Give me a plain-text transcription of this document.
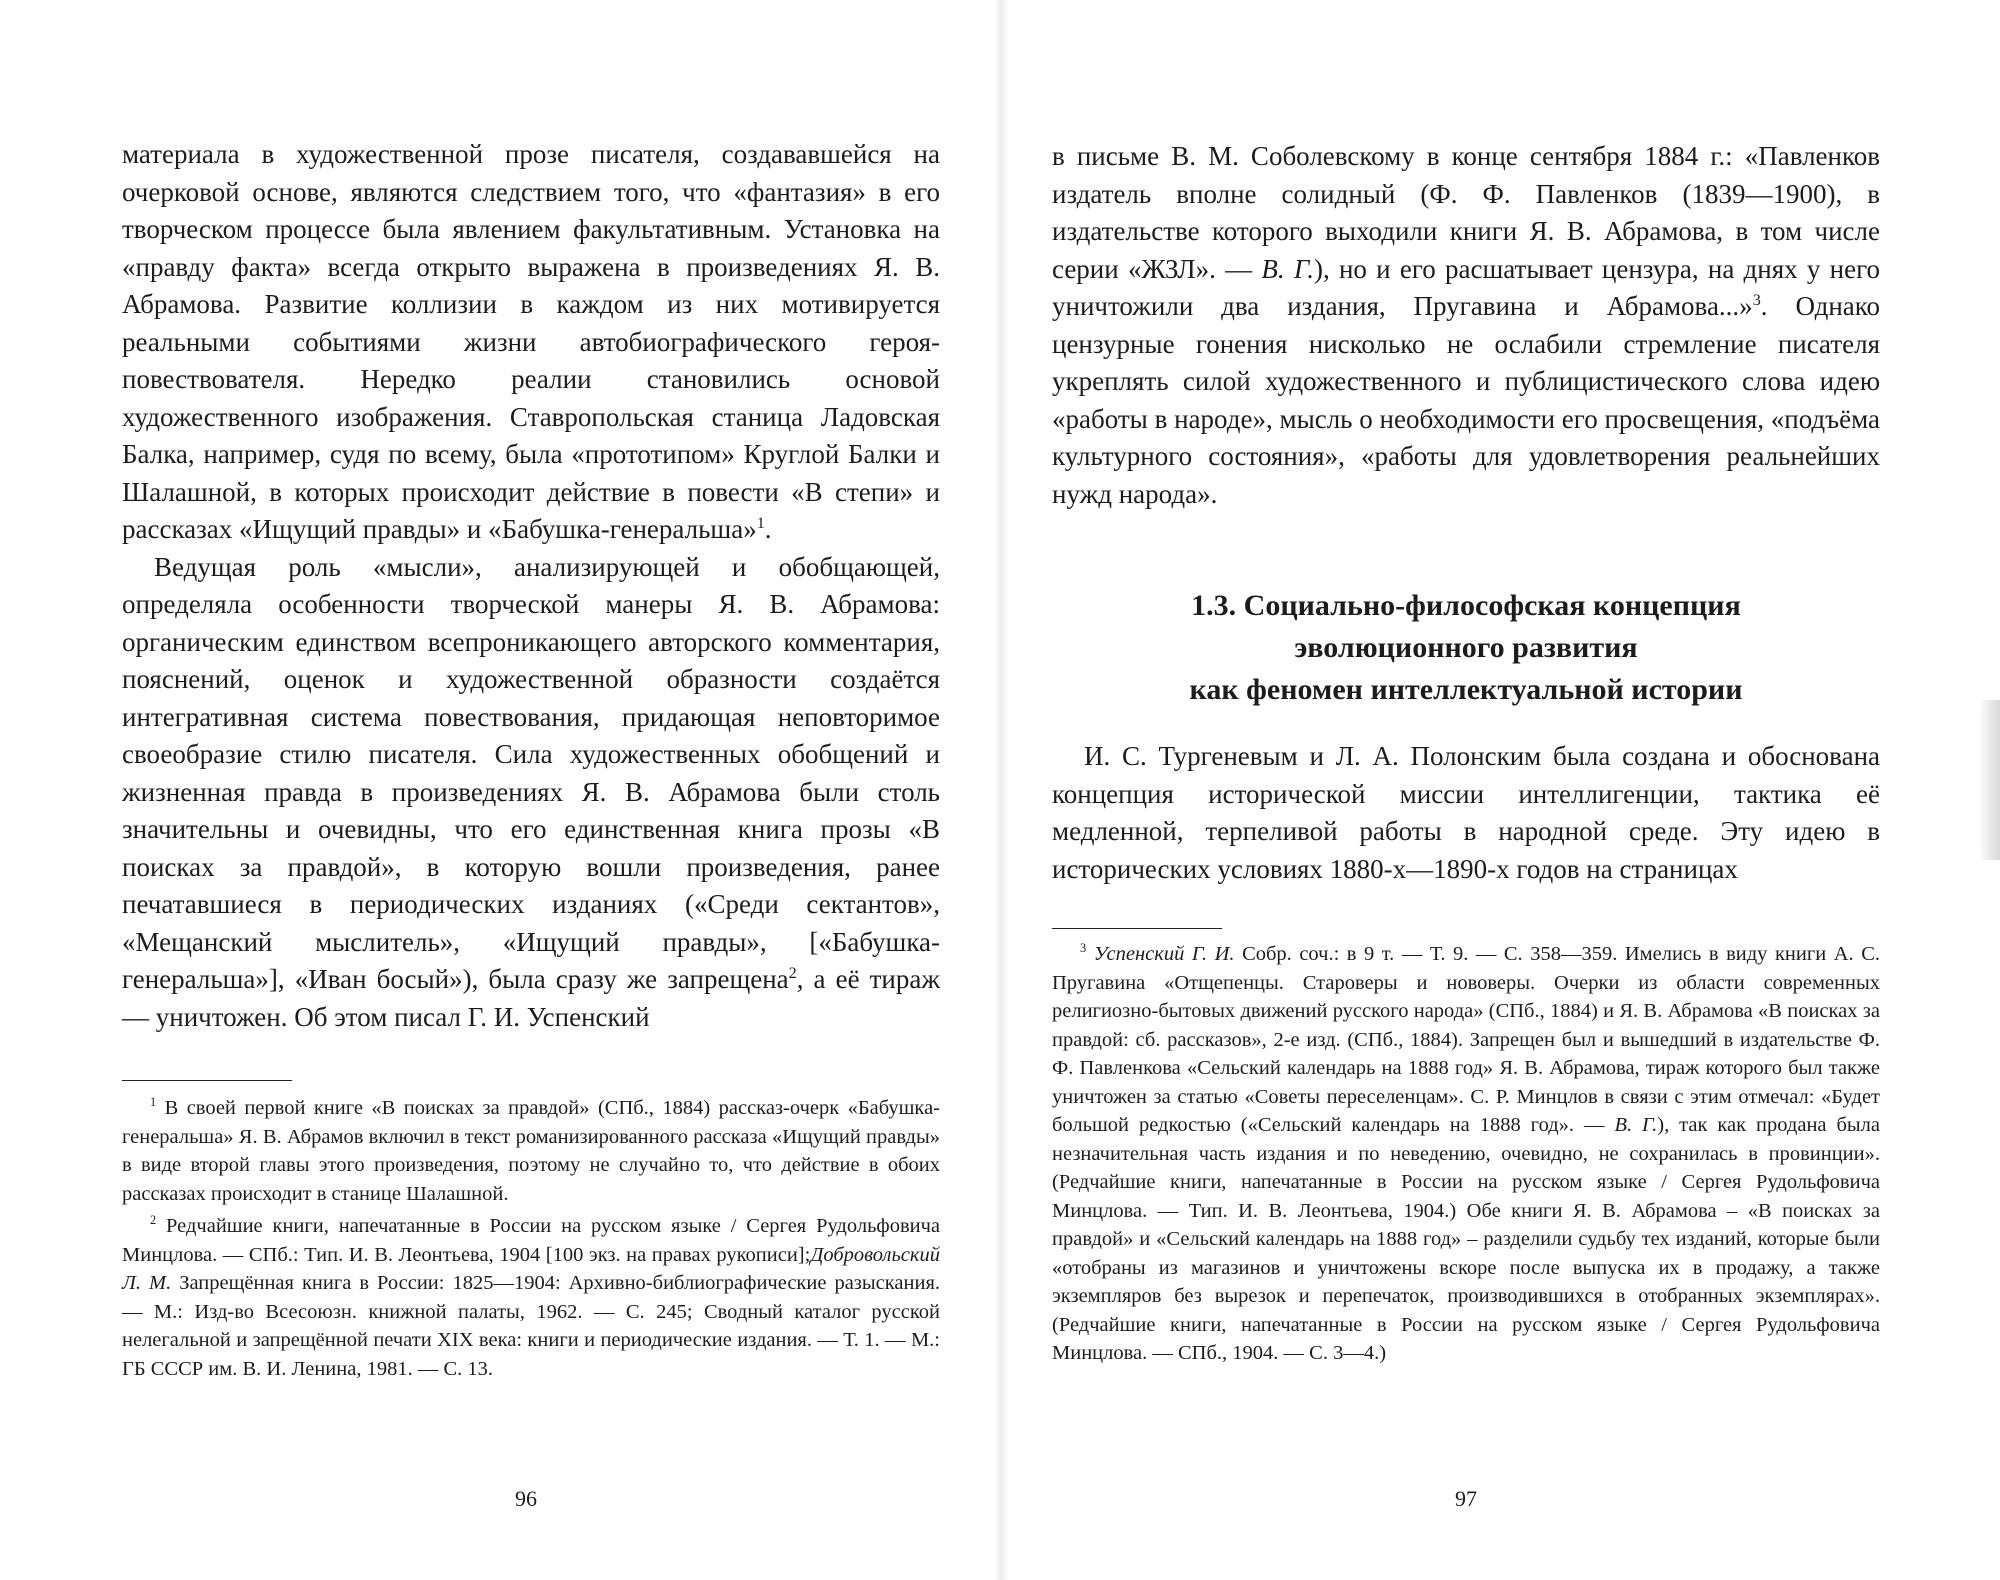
материала в художественной прозе писателя, создававшейся на очерковой основе, являются следствием того, что «фантазия» в его творческом процессе была явлением факультативным. Установка на «правду факта» всегда открыто выражена в произведениях Я. В. Абрамова. Развитие коллизии в каждом из них мотивируется реальными событиями жизни автобиографического героя-повествователя. Нередко реалии становились основой художественного изображения. Ставропольская станица Ладовская Балка, например, судя по всему, была «прототипом» Круглой Балки и Шалашной, в которых происходит действие в повести «В степи» и рассказах «Ищущий правды» и «Бабушка-генеральша»$^1$.

Ведущая роль «мысли», анализирующей и обобщающей, определяла особенности творческой манеры Я. В. Абрамова: органическим единством всепроникающего авторского комментария, пояснений, оценок и художественной образности создаётся интегративная система повествования, придающая неповторимое своеобразие стилю писателя. Сила художественных обобщений и жизненная правда в произведениях Я. В. Абрамова были столь значительны и очевидны, что его единственная книга прозы «В поисках за правдой», в которую вошли произведения, ранее печатавшиеся в периодических изданиях («Среди сектантов», «Мещанский мыслитель», «Ищущий правды», [«Бабушка-генеральша»], «Иван босый»), была сразу же запрещена$^2$, а её тираж — уничтожен. Об этом писал Г. И. Успенский

$^1$ В своей первой книге «В поисках за правдой» (СПб., 1884) рассказ-очерк «Бабушка-генеральша» Я. В. Абрамов включил в текст романизированного рассказа «Ищущий правды» в виде второй главы этого произведения, поэтому не случайно то, что действие в обоих рассказах происходит в станице Шалашной.

$^2$ Редчайшие книги, напечатанные в России на русском языке / Сергея Рудольфовича Минцлова. — СПб.: Тип. И. В. Леонтьева, 1904 [100 экз. на правах рукописи];Добровольский Л. М. Запрещённая книга в России: 1825—1904: Архивно-библиографические разыскания. — М.: Изд-во Всесоюзн. книжной палаты, 1962. — С. 245; Сводный каталог русской нелегальной и запрещённой печати XIX века: книги и периодические издания. — Т. 1. — М.: ГБ СССР им. В. И. Ленина, 1981. — С. 13.

96

в письме В. М. Соболевскому в конце сентября 1884 г.: «Павленков издатель вполне солидный (Ф. Ф. Павленков (1839—1900), в издательстве которого выходили книги Я. В. Абрамова, в том числе серии «ЖЗЛ». — В. Г.), но и его расшатывает цензура, на днях у него уничтожили два издания, Пругавина и Абрамова...»$^3$. Однако цензурные гонения нисколько не ослабили стремление писателя укреплять силой художественного и публицистического слова идею «работы в народе», мысль о необходимости его просвещения, «подъёма культурного состояния», «работы для удовлетворения реальнейших нужд народа».

1.3. Социально-философская концепция
эволюционного развития
как феномен интеллектуальной истории

И. С. Тургеневым и Л. А. Полонским была создана и обоснована концепция исторической миссии интеллигенции, тактика её медленной, терпеливой работы в народной среде. Эту идею в исторических условиях 1880-х—1890-х годов на страницах

$^3$ Успенский Г. И. Собр. соч.: в 9 т. — Т. 9. — С. 358—359. Имелись в виду книги А. С. Пругавина «Отщепенцы. Староверы и нововеры. Очерки из области современных религиозно-бытовых движений русского народа» (СПб., 1884) и Я. В. Абрамова «В поисках за правдой: сб. рассказов», 2-е изд. (СПб., 1884). Запрещен был и вышедший в издательстве Ф. Ф. Павленкова «Сельский календарь на 1888 год» Я. В. Абрамова, тираж которого был также уничтожен за статью «Советы переселенцам». С. Р. Минцлов в связи с этим отмечал: «Будет большой редкостью («Сельский календарь на 1888 год». — В. Г.), так как продана была незначительная часть издания и по неведению, очевидно, не сохранилась в провинции». (Редчайшие книги, напечатанные в России на русском языке / Сергея Рудольфовича Минцлова. — Тип. И. В. Леонтьева, 1904.) Обе книги Я. В. Абрамова – «В поисках за правдой» и «Сельский календарь на 1888 год» – разделили судьбу тех изданий, которые были «отобраны из магазинов и уничтожены вскоре после выпуска их в продажу, а также экземпляров без вырезок и перепечаток, производившихся в отобранных экземплярах». (Редчайшие книги, напечатанные в России на русском языке / Сергея Рудольфовича Минцлова. — СПб., 1904. — С. 3—4.)

97
